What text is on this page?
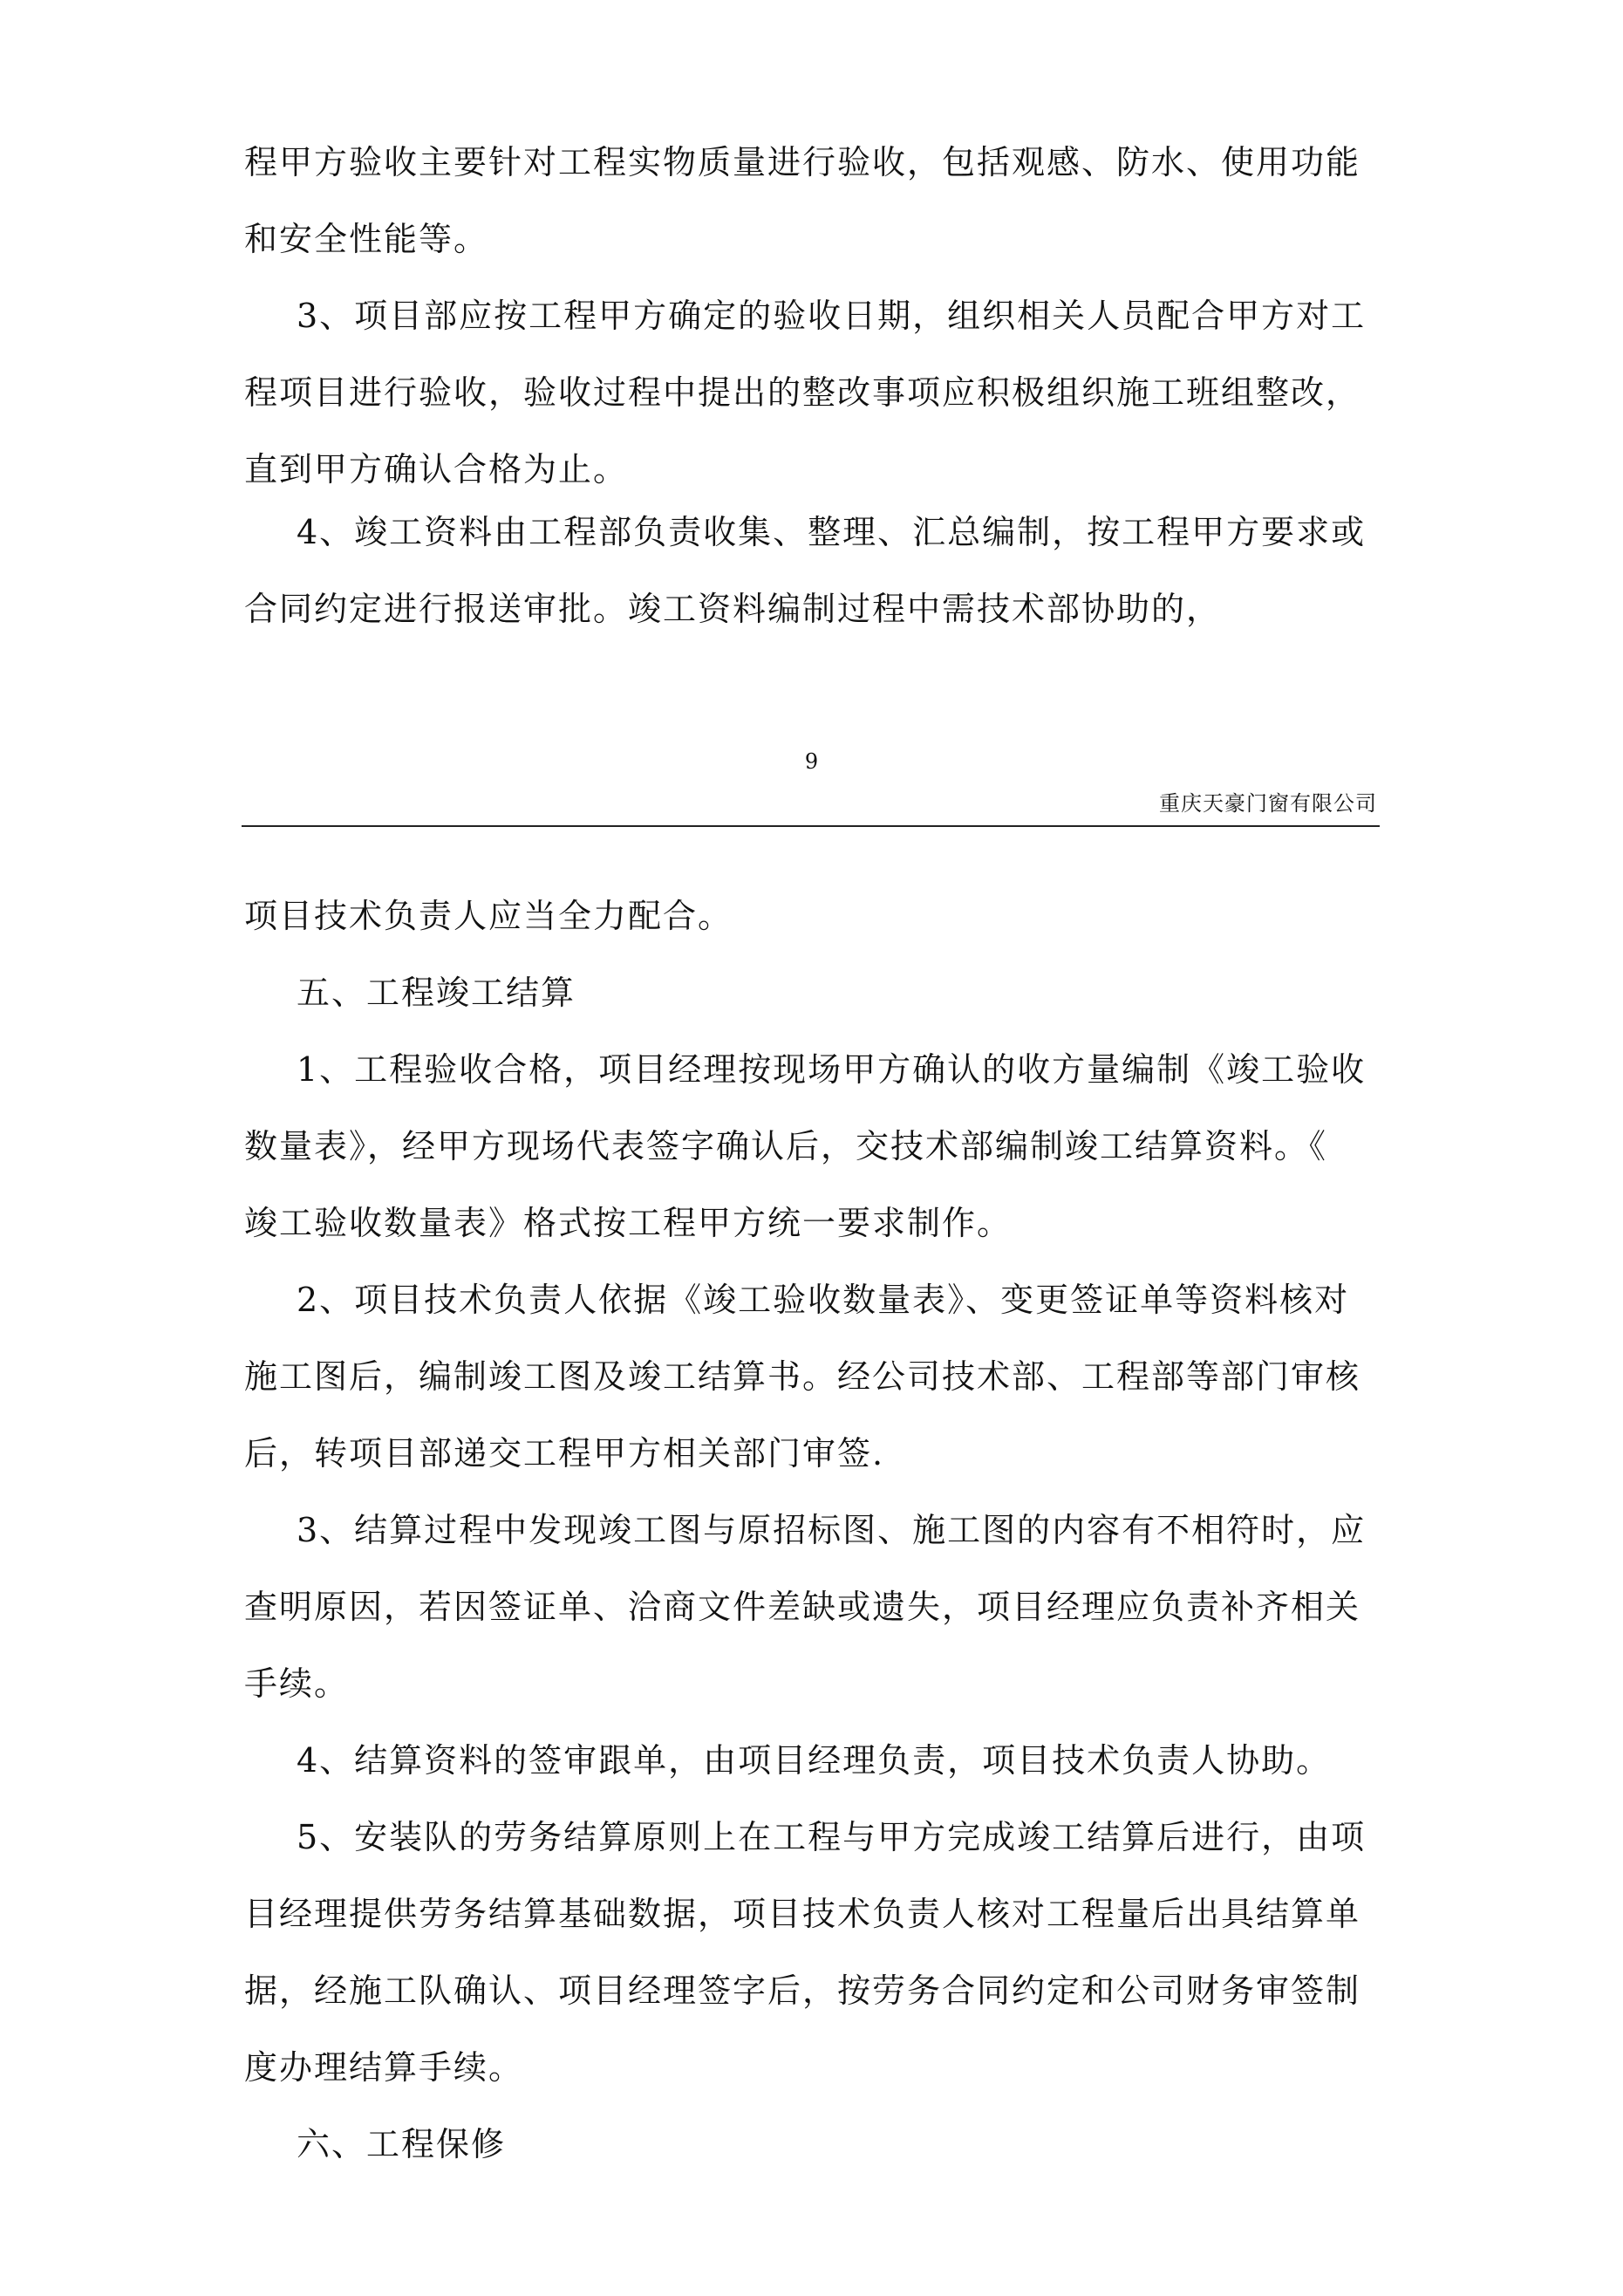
程甲方验收主要针对工程实物质量进行验收，包括观感、防水、使用功能
和安全性能等。
3、项目部应按工程甲方确定的验收日期，组织相关人员配合甲方对工
程项目进行验收，验收过程中提出的整改事项应积极组织施工班组整改，
直到甲方确认合格为止。
4、竣工资料由工程部负责收集、整理、汇总编制，按工程甲方要求或
合同约定进行报送审批。竣工资料编制过程中需技术部协助的，
9
重庆天豪门窗有限公司
项目技术负责人应当全力配合。
五、工程竣工结算
1、工程验收合格，项目经理按现场甲方确认的收方量编制《竣工验收
数量表》，经甲方现场代表签字确认后，交技术部编制竣工结算资料。《
竣工验收数量表》格式按工程甲方统一要求制作。
2、项目技术负责人依据《竣工验收数量表》、变更签证单等资料核对
施工图后，编制竣工图及竣工结算书。经公司技术部、工程部等部门审核
后，转项目部递交工程甲方相关部门审签.
3、结算过程中发现竣工图与原招标图、施工图的内容有不相符时，应
查明原因，若因签证单、洽商文件差缺或遗失，项目经理应负责补齐相关
手续。
4、结算资料的签审跟单，由项目经理负责，项目技术负责人协助。
5、安装队的劳务结算原则上在工程与甲方完成竣工结算后进行，由项
目经理提供劳务结算基础数据，项目技术负责人核对工程量后出具结算单
据，经施工队确认、项目经理签字后，按劳务合同约定和公司财务审签制
度办理结算手续。
六、工程保修
